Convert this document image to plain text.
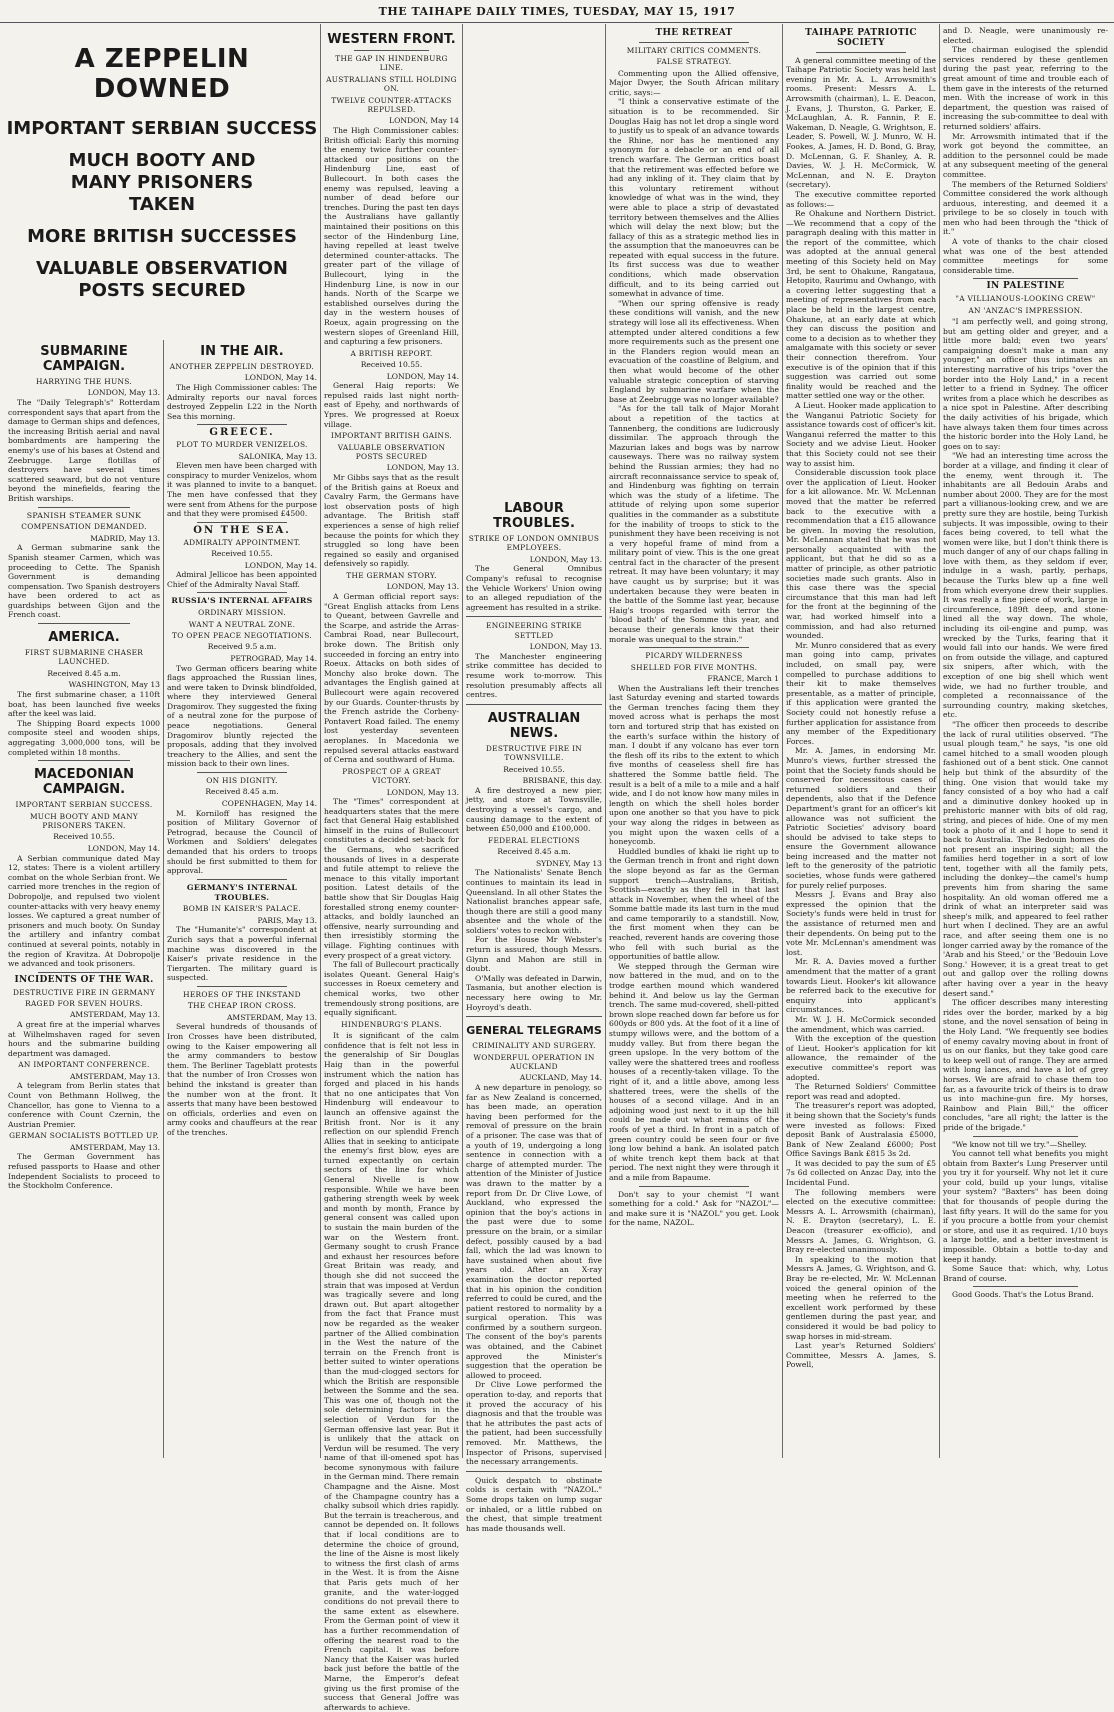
THE TAIHAPE DAILY TIMES, TUESDAY, MAY 15, 1917
A ZEPPELIN DOWNED
IMPORTANT SERBIAN SUCCESS
MUCH BOOTY AND MANY PRISONERS TAKEN
MORE BRITISH SUCCESSES
VALUABLE OBSERVATION POSTS SECURED
SUBMARINE CAMPAIGN.
HARRYING THE HUNS.
LONDON, May 13.

The "Daily Telegraph's" Rotterdam correspondent says that apart from the damage to German ships and defences, the increasing British aerial and naval bombardments are hampering the enemy's use of his bases at Ostend and Zeebrugge. Large flotillas of destroyers have several times scattered seaward, but do not venture beyond the minefields, fearing the British warships.

SPANISH STEAMER SUNK
COMPENSATION DEMANDED.
MADRID, May 13.

A German submarine sank the Spanish steamer Carmen, which was proceeding to Cette. The Spanish Government is demanding compensation. Two Spanish destroyers have been ordered to act as guardships between Gijon and the French coast.

AMERICA.
FIRST SUBMARINE CHASER LAUNCHED.
Received 8.45 a.m.
WASHINGTON, May 13

The first submarine chaser, a 110ft boat, has been launched five weeks after the keel was laid.

The Shipping Board expects 1000 composite steel and wooden ships, aggregating 3,000,000 tons, will be completed within 18 months.

MACEDONIAN CAMPAIGN.
IMPORTANT SERBIAN SUCCESS.
MUCH BOOTY AND MANY PRISONERS TAKEN.
Received 10.55.
LONDON, May 14.

A Serbian communique dated May 12, states: There is a violent artillery combat on the whole Serbian front. We carried more trenches in the region of Dobropolje, and repulsed two violent counter-attacks with very heavy enemy losses. We captured a great number of prisoners and much booty. On Sunday the artillery and infantry combat continued at several points, notably in the region of Kravitza. At Dobropolje we advanced and took prisoners.

INCIDENTS OF THE WAR.
DESTRUCTIVE FIRE IN GERMANY
RAGED FOR SEVEN HOURS.
AMSTERDAM, May 13.

A great fire at the imperial wharves at Wilhelmshaven raged for seven hours and the submarine building department was damaged.

AN IMPORTANT CONFERENCE.
AMSTERDAM, May 13.

A telegram from Berlin states that Count von Bethmann Hollweg, the Chancellor, has gone to Vienna to a conference with Count Czernin, the Austrian Premier.

GERMAN SOCIALISTS BOTTLED UP.
AMSTERDAM, May 13.

The German Government has refused passports to Haase and other Independent Socialists to proceed to the Stockholm Conference.

IN THE AIR.
ANOTHER ZEPPELIN DESTROYED.
LONDON, May 14.

The High Commissioner cables: The Admiralty reports our naval forces destroyed Zeppelin L22 in the North Sea this morning.

GREECE.
PLOT TO MURDER VENIZELOS.
SALONIKA, May 13.

Eleven men have been charged with conspiracy to murder Venizelos, whom it was planned to invite to a banquet. The men have confessed that they were sent from Athens for the purpose and that they were promised £4500.

ON THE SEA.
ADMIRALTY APPOINTMENT.
Received 10.55.
LONDON, May 14.

Admiral Jellicoe has been appointed Chief of the Admiralty Naval Staff.

RUSSIA'S INTERNAL AFFAIRS
ORDINARY MISSION.
WANT A NEUTRAL ZONE.
TO OPEN PEACE NEGOTIATIONS.
Received 9.5 a.m.
PETROGRAD, May 14.

Two German officers bearing white flags approached the Russian lines, and were taken to Dvinsk blindfolded, where they interviewed General Dragomirov. They suggested the fixing of a neutral zone for the purpose of peace negotiations. General Dragomirov bluntly rejected the proposals, adding that they involved treachery to the Allies, and sent the mission back to their own lines.

ON HIS DIGNITY.
Received 8.45 a.m.
COPENHAGEN, May 14.

M. Korniloff has resigned the position of Military Governor of Petrograd, because the Council of Workmen and Soldiers' delegates demanded that his orders to troops should be first submitted to them for approval.

GERMANY'S INTERNAL TROUBLES.
BOMB IN KAISER'S PALACE.
PARIS, May 13.

The "Humanite's" correspondent at Zurich says that a powerful infernal machine was discovered in the Kaiser's private residence in the Tiergarten. The military guard is suspected.

HEROES OF THE INKSTAND
THE CHEAP IRON CROSS.
AMSTERDAM, May 13.

Several hundreds of thousands of Iron Crosses have been distributed, owing to the Kaiser empowering all the army commanders to bestow them. The Berliner Tageblatt protests that the number of Iron Crosses won behind the inkstand is greater than the number won at the front. It asserts that many have been bestowed on officials, orderlies and even on army cooks and chauffeurs at the rear of the trenches.

WESTERN FRONT.
THE GAP IN HINDENBURG LINE.
AUSTRALIANS STILL HOLDING ON.
TWELVE COUNTER-ATTACKS REPULSED.
LONDON, May 14

The High Commissioner cables: British official: Early this morning the enemy twice further counter-attacked our positions on the Hindenburg Line, east of Bullecourt. In both cases the enemy was repulsed, leaving a number of dead before our trenches. During the past ten days the Australians have gallantly maintained their positions on this sector of the Hindenburg Line, having repelled at least twelve determined counter-attacks. The greater part of the village of Bullecourt, lying in the Hindenburg Line, is now in our hands. North of the Scarpe we established ourselves during the day in the western houses of Roeux, again progressing on the western slopes of Greenland Hill, and capturing a few prisoners.

A BRITISH REPORT.
Received 10.55.
LONDON, May 14.

General Haig reports: We repulsed raids last night north-east of Epehy, and northwards of Ypres. We progressed at Roeux village.

IMPORTANT BRITISH GAINS.
VALUABLE OBSERVATION POSTS SECURED
LONDON, May 13.

Mr Gibbs says that as the result of the British gains at Roeux and Cavalry Farm, the Germans have lost observation posts of high advantage. The British staff experiences a sense of high relief because the points for which they struggled so long have been regained so easily and organised defensively so rapidly.

THE GERMAN STORY.
LONDON, May 13.

A German official report says: "Great English attacks from Lens to Queant, between Gavrelle and the Scarpe, and astride the Arras-Cambrai Road, near Bullecourt, broke down. The British only succeeded in forcing an entry into Roeux. Attacks on both sides of Monchy also broke down. The advantages the English gained at Bullecourt were again recovered by our Guards. Counter-thrusts by the French astride the Corbeny-Pontavert Road failed. The enemy lost yesterday seventeen aeroplanes. In Macedonia we repulsed several attacks eastward of Cerna and southward of Huma.

PROSPECT OF A GREAT VICTORY.
LONDON, May 13.

The "Times" correspondent at headquarters states that the mere fact that General Haig established himself in the ruins of Bullecourt constitutes a decided set-back for the Germans, who sacrificed thousands of lives in a desperate and futile attempt to relieve the menace to this vitally important position. Latest details of the battle show that Sir Douglas Haig forestalled strong enemy counter-attacks, and boldly launched an offensive, nearly surrounding and then irresistibly storming the village. Fighting continues with every prospect of a great victory.

The fall of Bullecourt practically isolates Queant. General Haig's successes in Roeux cemetery and chemical works, two other tremendously strong positions, are equally significant.

HINDENBURG'S PLANS.

It is significant of the calm confidence that is felt not less in the generalship of Sir Douglas Haig than in the powerful instrument which the nation has forged and placed in his hands that no one anticipates that Von Hindenburg will endeavour to launch an offensive against the British front. Nor is it any reflection on our splendid French Allies that in seeking to anticipate the enemy's first blow, eyes are turned expectantly on certain sectors of the line for which General Nivelle is now responsible. While we have been gathering strength week by week and month by month, France by general consent was called upon to sustain the main burden of the war on the Western front. Germany sought to crush France and exhaust her resources before Great Britain was ready, and though she did not succeed the strain that was imposed at Verdun was tragically severe and long drawn out. But apart altogether from the fact that France must now be regarded as the weaker partner of the Allied combination in the West the nature of the terrain on the French front is better suited to winter operations than the mud-clogged sectors for which the British are responsible between the Somme and the sea. This was one of, though not the sole determining factors in the selection of Verdun for the German offensive last year. But it is unlikely that the attack on Verdun will be resumed. The very name of that ill-omened spot has become synonymous with failure in the German mind. There remain Champagne and the Aisne. Most of the Champagne country has a chalky subsoil which dries rapidly. But the terrain is treacherous, and cannot be depended on. It follows that if local conditions are to determine the choice of ground, the line of the Aisne is most likely to witness the first clash of arms in the West. It is from the Aisne that Paris gets much of her granite, and the water-logged conditions do not prevail there to the same extent as elsewhere. From the German point of view it has a further recommendation of offering the nearest road to the French capital. It was before Nancy that the Kaiser was hurled back just before the battle of the Marne, the Emperor's defeat giving us the first promise of the success that General Joffre was afterwards to achieve.

LABOUR TROUBLES.
STRIKE OF LONDON OMNIBUS EMPLOYEES.
LONDON, May 13.

The General Omnibus Company's refusal to recognise the Vehicle Workers' Union owing to an alleged repudiation of the agreement has resulted in a strike.

ENGINEERING STRIKE SETTLED
LONDON, May 13.

The Manchester engineering strike committee has decided to resume work to-morrow. This resolution presumably affects all centres.

AUSTRALIAN NEWS.
DESTRUCTIVE FIRE IN TOWNSVILLE.
Received 10.55.
BRISBANE, this day.

A fire destroyed a new pier, jetty, and store at Townsville, destroying a vessel's cargo, and causing damage to the extent of between £50,000 and £100,000.

FEDERAL ELECTIONS
Received 8.45 a.m.
SYDNEY, May 13

The Nationalists' Senate Bench continues to maintain its lead in Queensland. In all other States the Nationalist branches appear safe, though there are still a good many absentee and the whole of the soldiers' votes to reckon with.

For the House Mr Webster's return is assured, though Messrs. Glynn and Mahon are still in doubt.

O'Mally was defeated in Darwin, Tasmania, but another election is necessary here owing to Mr. Hoyroyd's death.

GENERAL TELEGRAMS
CRIMINALITY AND SURGERY.
WONDERFUL OPERATION IN AUCKLAND
AUCKLAND, May 14.

A new departure in penology, so far as New Zealand is concerned, has been made, an operation having been performed for the removal of pressure on the brain of a prisoner. The case was that of a youth of 19, undergoing a long sentence in connection with a charge of attempted murder. The attention of the Minister of Justice was drawn to the matter by a report from Dr. Dr Clive Lowe, of Auckland, who expressed the opinion that the boy's actions in the past were due to some pressure on the brain, or a similar defect, possibly caused by a bad fall, which the lad was known to have sustained when about five years old. After an X-ray examination the doctor reported that in his opinion the condition referred to could be cured, and the patient restored to normality by a surgical operation. This was confirmed by a southern surgeon. The consent of the boy's parents was obtained, and the Cabinet approved the Minister's suggestion that the operation be allowed to proceed.

Dr Clive Lowe performed the operation to-day, and reports that it proved the accuracy of his diagnosis and that the trouble was that he attributes the past acts of the patient, had been successfully removed. Mr. Matthews, the Inspector of Prisons, supervised the necessary arrangements.

Quick despatch to obstinate colds is certain with "NAZOL." Some drops taken on lump sugar or inhaled, or a little rubbed on the chest, that simple treatment has made thousands well.

THE RETREAT
MILITARY CRITICS COMMENTS.
FALSE STRATEGY.

Commenting upon the Allied offensive, Major Dwyer, the South African military critic, says:—

"I think a conservative estimate of the situation is to be recommended. Sir Douglas Haig has not let drop a single word to justify us to speak of an advance towards the Rhine, nor has he mentioned any synonym for a debacle or an end of all trench warfare. The German critics boast that the retirement was effected before we had any inkling of it. They claim that by this voluntary retirement without knowledge of what was in the wind, they were able to place a strip of devastated territory between themselves and the Allies which will delay the next blow; but the fallacy of this as a strategic method lies in the assumption that the manoeuvres can be repeated with equal success in the future. Its first success was due to weather conditions, which made observation difficult, and to its being carried out somewhat in advance of time.

"When our spring offensive is ready these conditions will vanish, and the new strategy will lose all its effectiveness. When attempted under altered conditions a few more requirements such as the present one in the Flanders region would mean an evacuation of the coastline of Belgium, and then what would become of the other valuable strategic conception of starving England by submarine warfare when the base at Zeebrugge was no longer available?

"As for the tall talk of Major Moraht about a repetition of the tactics at Tannenberg, the conditions are ludicrously dissimilar. The approach through the Mazurian lakes and bogs was by narrow causeways. There was no railway system behind the Russian armies; they had no aircraft reconnaissance service to speak of, and Hindenburg was fighting on terrain which was the study of a lifetime. The attitude of relying upon some superior qualities in the commander as a substitute for the inability of troops to stick to the punishment they have been receiving is not a very hopeful frame of mind from a military point of view. This is the one great central fact in the character of the present retreat. It may have been voluntary; it may have caught us by surprise; but it was undertaken because they were beaten in the battle of the Somme last year, because Haig's troops regarded with terror the 'blood bath' of the Somme this year, and because their generals know that their morale was unequal to the strain."

PICARDY WILDERNESS
SHELLED FOR FIVE MONTHS.
FRANCE, March 1

When the Australians left their trenches last Saturday evening and started towards the German trenches facing them they moved across what is perhaps the most torn and tortured strip that has existed on the earth's surface within the history of man. I doubt if any volcano has ever torn the flesh off its ribs to the extent to which five months of ceaseless shell fire has shattered the Somme battle field. The result is a belt of a mile to a mile and a half wide, and I do not know how many miles in length on which the shell holes border upon one another so that you have to pick your way along the ridges in between as you might upon the waxen cells of a honeycomb.

Huddled bundles of khaki lie right up to the German trench in front and right down the slope beyond as far as the German support trench—Australians, British, Scottish—exactly as they fell in that last attack in November, when the wheel of the Somme battle made its last turn in the mud and came temporarily to a standstill. Now, the first moment when they can be reached, reverent hands are covering those who fell with such burial as the opportunities of battle allow.

We stepped through the German wire now battered in the mud, and on to the trodge earthen mound which wandered behind it. And below us lay the German trench. The same mud-covered, shell-pitted brown slope reached down far before us for 600yds or 800 yds. At the foot of it a line of stumpy willows were, and the bottom of a muddy valley. But from there began the green upslope. In the very bottom of the valley were the shattered trees and roofless houses of a recently-taken village. To the right of it, and a little above, among less shattered trees, were the shells of the houses of a second village. And in an adjoining wood just next to it up the hill could be made out what remains of the roofs of yet a third. In front in a patch of green country could be seen four or five long low behind a bank. An isolated patch of white trench kept them back at that period. The next night they were through it and a mile from Bapaume.

Don't say to your chemist "I want something for a cold." Ask for "NAZOL"—and make sure it is "NAZOL" you get. Look for the name, NAZOL.

TAIHAPE PATRIOTIC SOCIETY

A general committee meeting of the Taihape Patriotic Society was held last evening in Mr. A. L. Arrowsmith's rooms. Present: Messrs A. L. Arrowsmith (chairman), L. E. Deacon, J. Evans, J. Thurston, G. Parker, E. McLaughlan, A. R. Fannin, P. E. Wakeman, D. Neagle, G. Wrightson, E. Leader, S. Powell, W. J. Munro, W. H. Fookes, A. James, H. D. Bond, G. Bray, D. McLennan, G. F. Shanley, A. R. Davies, W. J. H. McCormick, W. McLennan, and N. E. Drayton (secretary).

The executive committee reported as follows:—

Re Ohakune and Northern District.—We recommend that a copy of the paragraph dealing with this matter in the report of the committee, which was adopted at the annual general meeting of this Society held on May 3rd, be sent to Ohakune, Rangataua, Hetopito, Raurimu and Owhango, with a covering letter suggesting that a meeting of representatives from each place be held in the largest centre, Ohakune, at an early date at which they can discuss the position and come to a decision as to whether they amalgamate with this society or sever their connection therefrom. Your executive is of the opinion that if this suggestion was carried out some finality would be reached and the matter settled one way or the other.

A Lieut. Hooker made application to the Wanganui Patriotic Society for assistance towards cost of officer's kit. Wanganui referred the matter to this Society and we advise Lieut. Hooker that this Society could not see their way to assist him.

Considerable discussion took place over the application of Lieut. Hooker for a kit allowance. Mr. W. McLennan moved that the matter be referred back to the executive with a recommendation that a £15 allowance be given. In moving the resolution, Mr. McLennan stated that he was not personally acquainted with the applicant, but that he did so as a matter of principle, as other patriotic societies made such grants. Also in this case there was the special circumstance that this man had left for the front at the beginning of the war, had worked himself into a commission, and had also returned wounded.

Mr. Munro considered that as every man going into camp, privates included, on small pay, were compelled to purchase additions to their kit to make themselves presentable, as a matter of principle, if this application were granted the Society could not honestly refuse a further application for assistance from any member of the Expeditionary Forces.

Mr. A. James, in endorsing Mr. Munro's views, further stressed the point that the Society funds should be conserved for necessitous cases of returned soldiers and their dependents, also that if the Defence Department's grant for an officer's kit allowance was not sufficient the Patriotic Societies' advisory board should be advised to take steps to ensure the Government allowance being increased and the matter not left to the generosity of the patriotic societies, whose funds were gathered for purely relief purposes.

Messrs J. Evans and Bray also expressed the opinion that the Society's funds were held in trust for the assistance of returned men and their dependents. On being put to the vote Mr. McLennan's amendment was lost.

Mr. R. A. Davies moved a further amendment that the matter of a grant towards Lieut. Hooker's kit allowance be referred back to the executive for enquiry into applicant's circumstances.

Mr. W. J. H. McCormick seconded the amendment, which was carried.

With the exception of the question of Lieut. Hooker's application for kit allowance, the remainder of the executive committee's report was adopted.

The Returned Soldiers' Committee report was read and adopted.

The treasurer's report was adopted, it being shown that the Society's funds were invested as follows: Fixed deposit Bank of Australasia £5000, Bank of New Zealand £6000; Post Office Savings Bank £815 3s 2d.

It was decided to pay the sum of £5 7s 6d collected on Anzac Day, into the Incidental Fund.

The following members were elected on the executive committee: Messrs A. L. Arrowsmith (chairman), N. E. Drayton (secretary), L. E. Deacon (treasurer ex-officio), and Messrs A. James, G. Wrightson, G. Bray re-elected unanimously.

In speaking to the motion that Messrs A. James, G. Wrightson, and G. Bray be re-elected, Mr. W. McLennan voiced the general opinion of the meeting when he referred to the excellent work performed by these gentlemen during the past year, and considered it would be bad policy to swap horses in mid-stream.

Last year's Returned Soldiers' Committee, Messrs A. James, S. Powell,

and D. Neagle, were unanimously re-elected.

The chairman eulogised the splendid services rendered by these gentlemen during the past year, referring to the great amount of time and trouble each of them gave in the interests of the returned men. With the increase of work in this department, the question was raised of increasing the sub-committee to deal with returned soldiers' affairs.

Mr. Arrowsmith intimated that if the work got beyond the committee, an addition to the personnel could be made at any subsequent meeting of the general committee.

The members of the Returned Soldiers' Committee considered the work although arduous, interesting, and deemed it a privilege to be so closely in touch with men who had been through the "thick of it."

A vote of thanks to the chair closed what was one of the best attended committee meetings for some considerable time.

IN PALESTINE
"A VILLIANOUS-LOOKING CREW"
AN 'ANZAC'S IMPRESSION.

"I am perfectly well, and going strong, but am getting older and greyer, and a little more bald; even two years' campaigning doesn't make a man any younger," an officer thus intimates an interesting narrative of his trips "over the border into the Holy Land," in a recent letter to a friend in Sydney. The officer writes from a place which he describes as a nice spot in Palestine. After describing the daily activities of his brigade, which have always taken them four times across the historic border into the Holy Land, he goes on to say:

"We had an interesting time across the border at a village, and finding it clear of the enemy, went through it. The inhabitants are all Bedouin Arabs and number about 2000. They are for the most part a villianous-looking crew, and we are pretty sure they are hostile, being Turkish subjects. It was impossible, owing to their faces being covered, to tell what the women were like, but I don't think there is much danger of any of our chaps falling in love with them, as they seldom if ever, indulge in a wash, partly, perhaps, because the Turks blew up a fine well from which everyone drew their supplies. It was really a fine piece of work, large in circumference, 189ft deep, and stone-lined all the way down. The whole, including its oil-engine and pump, was wrecked by the Turks, fearing that it would fall into our hands. We were fired on from outside the village, and captured six snipers, after which, with the exception of one big shell which went wide, we had no further trouble, and completed a reconnaissance of the surrounding country, making sketches, etc.

"The officer then proceeds to describe the lack of rural utilities observed. "The usual plough team," he says, "is one old camel hitched to a small wooden plough fashioned out of a bent stick. One cannot help but think of the absurdity of the thing. One vision that would take my fancy consisted of a boy who had a calf and a diminutive donkey hooked up in prehistoric manner with bits of old rag, string, and pieces of hide. One of my men took a photo of it and I hope to send it back to Australia. The Bedouin homes do not present an inspiring sight; all the families herd together in a sort of low tent, together with all the family pets, including the donkey—the camel's hump prevents him from sharing the same hospitality. An old woman offered me a drink of what an interpreter said was sheep's milk, and appeared to feel rather hurt when I declined. They are an awful race, and after seeing them one is no longer carried away by the romance of the 'Arab and his Steed,' or the 'Bedouin Love Song.' However, it is a great treat to get out and gallop over the rolling downs after having over a year in the heavy desert sand."

The officer describes many interesting rides over the border, marked by a big stone, and the novel sensation of being in the Holy Land. "We frequently see bodies of enemy cavalry moving about in front of us on our flanks, but they take good care to keep well out of range. They are armed with long lances, and have a lot of grey horses. We are afraid to chase them too far, as a favourite trick of theirs is to draw us into machine-gun fire. My horses, Rainbow and Plain Bill," the officer concludes, "are all right; the latter is the pride of the brigade."

"We know not till we try."—Shelley.

You cannot tell what benefits you might obtain from Baxter's Lung Preserver until you try it for yourself. Why not let it cure your cold, build up your lungs, vitalise your system? "Baxters" has been doing that for thousands of people during the last fifty years. It will do the same for you if you procure a bottle from your chemist or store, and use it as required. 1/10 buys a large bottle, and a better investment is impossible. Obtain a bottle to-day and keep it handy.

Some Sauce that: which, why, Lotus Brand of course.

Good Goods. That's the Lotus Brand.
